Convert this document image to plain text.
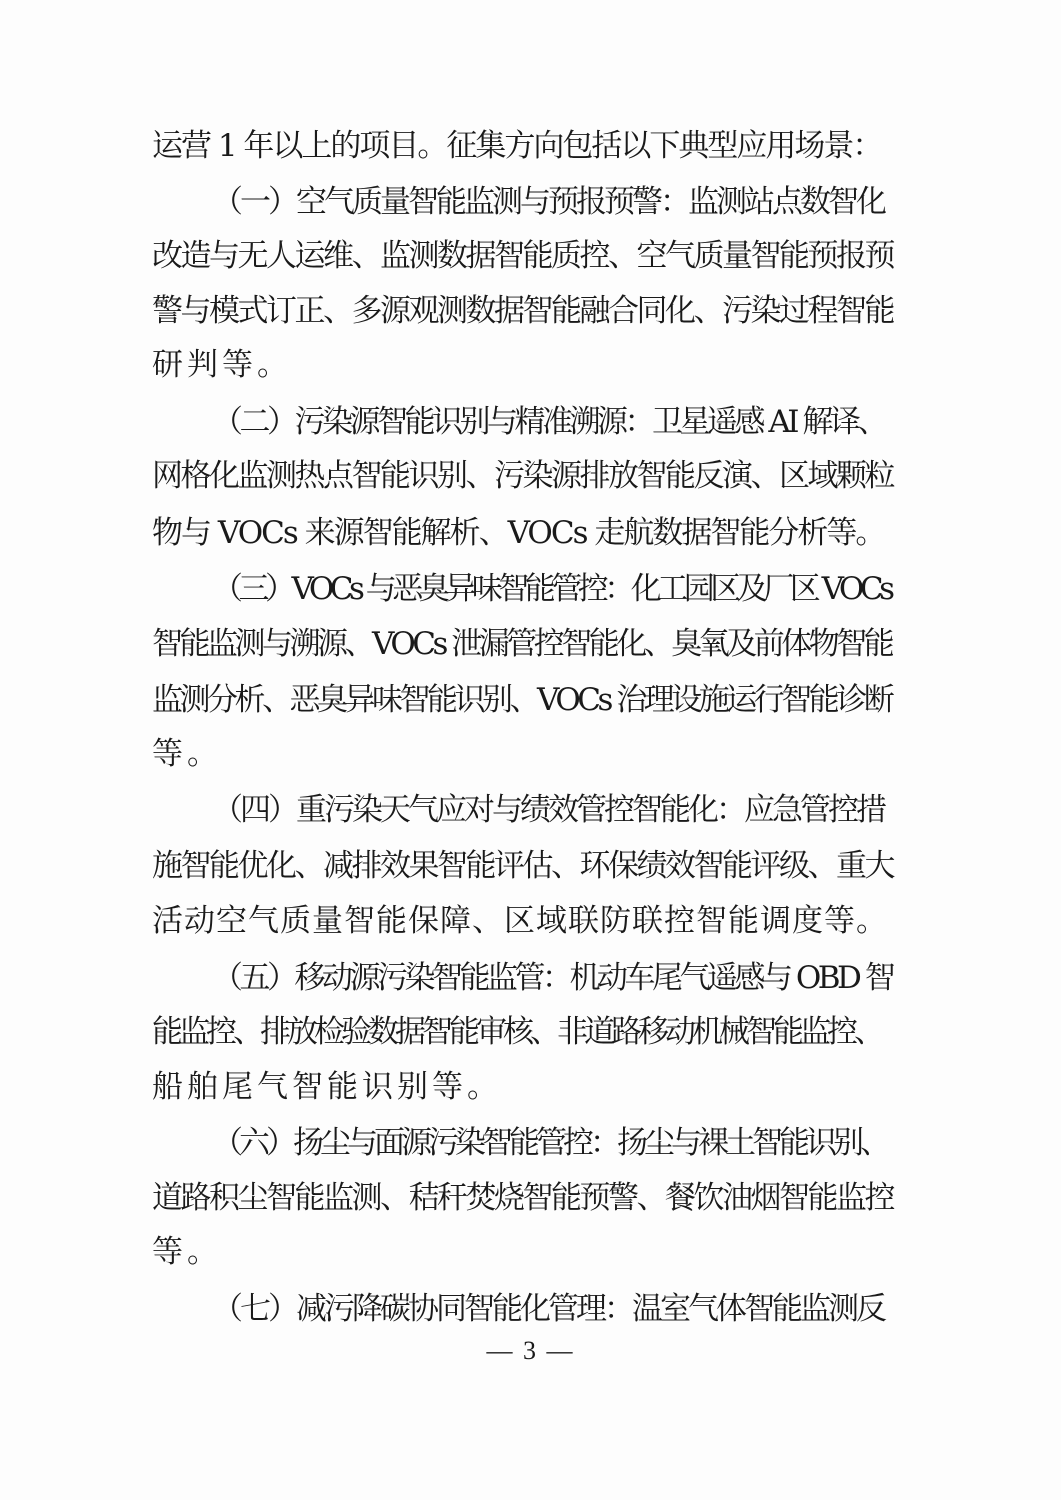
运营 1 年以上的项目。征集方向包括以下典型应用场景：
（一）空气质量智能监测与预报预警：监测站点数智化
改造与无人运维、监测数据智能质控、空气质量智能预报预
警与模式订正、多源观测数据智能融合同化、污染过程智能
研判等。
（二）污染源智能识别与精准溯源：卫星遥感 AI 解译、
网格化监测热点智能识别、污染源排放智能反演、区域颗粒
物与 VOCs 来源智能解析、VOCs 走航数据智能分析等。
（三）VOCs 与恶臭异味智能管控：化工园区及厂区 VOCs
智能监测与溯源、VOCs 泄漏管控智能化、臭氧及前体物智能
监测分析、恶臭异味智能识别、VOCs 治理设施运行智能诊断
等。
（四）重污染天气应对与绩效管控智能化：应急管控措
施智能优化、减排效果智能评估、环保绩效智能评级、重大
活动空气质量智能保障、区域联防联控智能调度等。
（五）移动源污染智能监管：机动车尾气遥感与 OBD 智
能监控、排放检验数据智能审核、非道路移动机械智能监控、
船舶尾气智能识别等。
（六）扬尘与面源污染智能管控：扬尘与裸土智能识别、
道路积尘智能监测、秸秆焚烧智能预警、餐饮油烟智能监控
等。
（七）减污降碳协同智能化管理：温室气体智能监测反
— 3 —
